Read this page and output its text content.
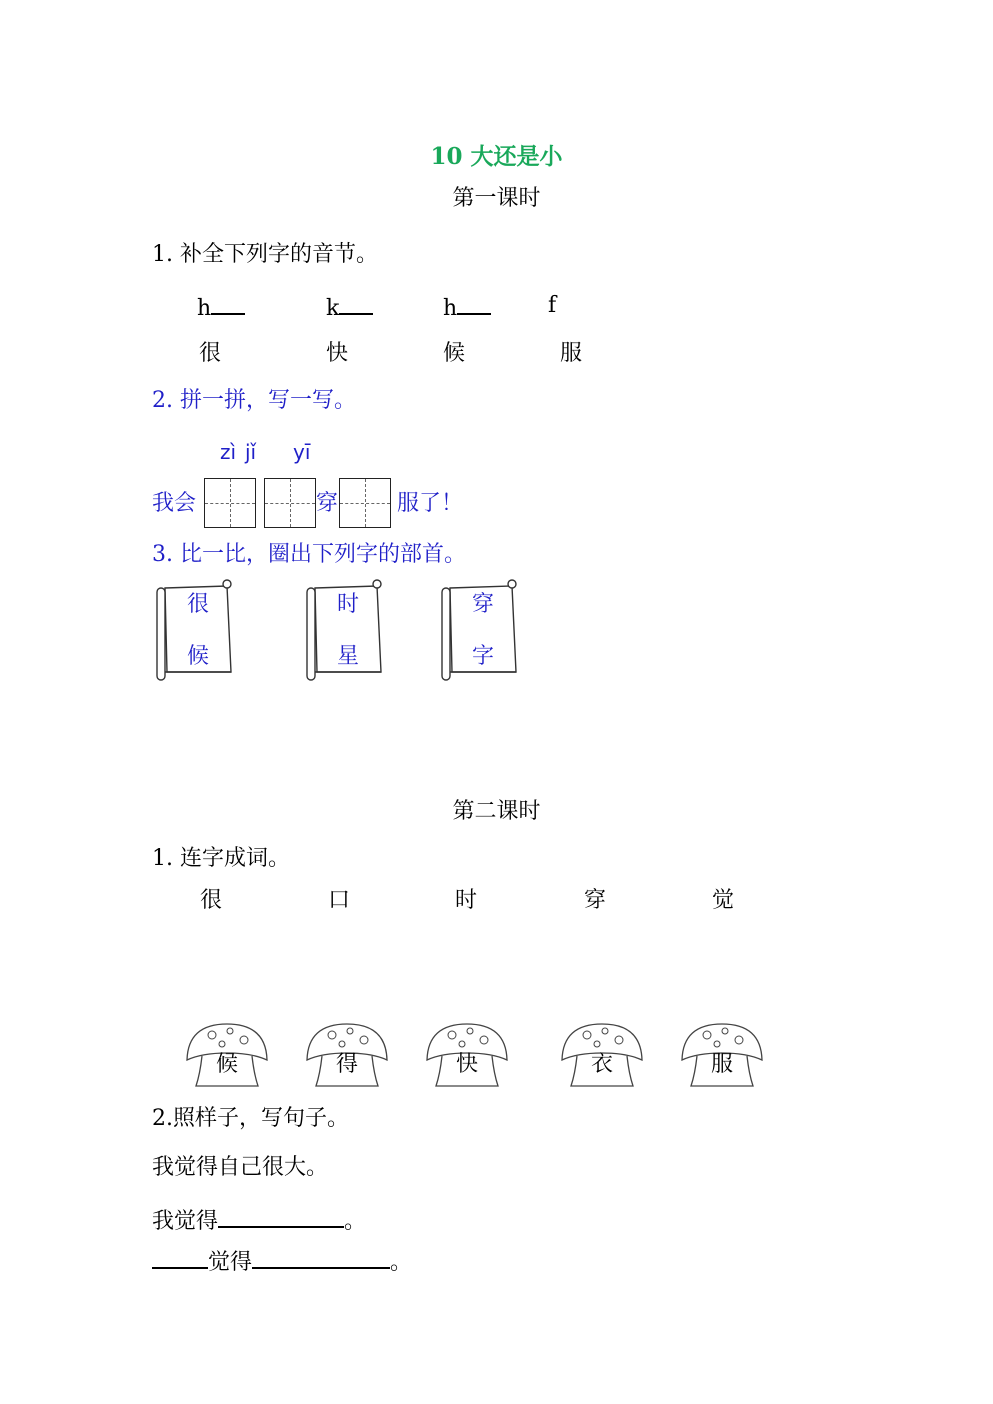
10 大还是小
第一课时
1. 补全下列字的音节。
h	k	h	f
很	快	候	服
2. 拼一拼，写一写。
zì jǐ yī
我会	穿	服了！
3. 比一比，圈出下列字的部首。
很
候
时
星
穿
字
第二课时
1. 连字成词。
很	口	时	穿	觉
候	得	快	衣	服
2.照样子，写句子。
我觉得自己很大。
我觉得	。
觉得	。
